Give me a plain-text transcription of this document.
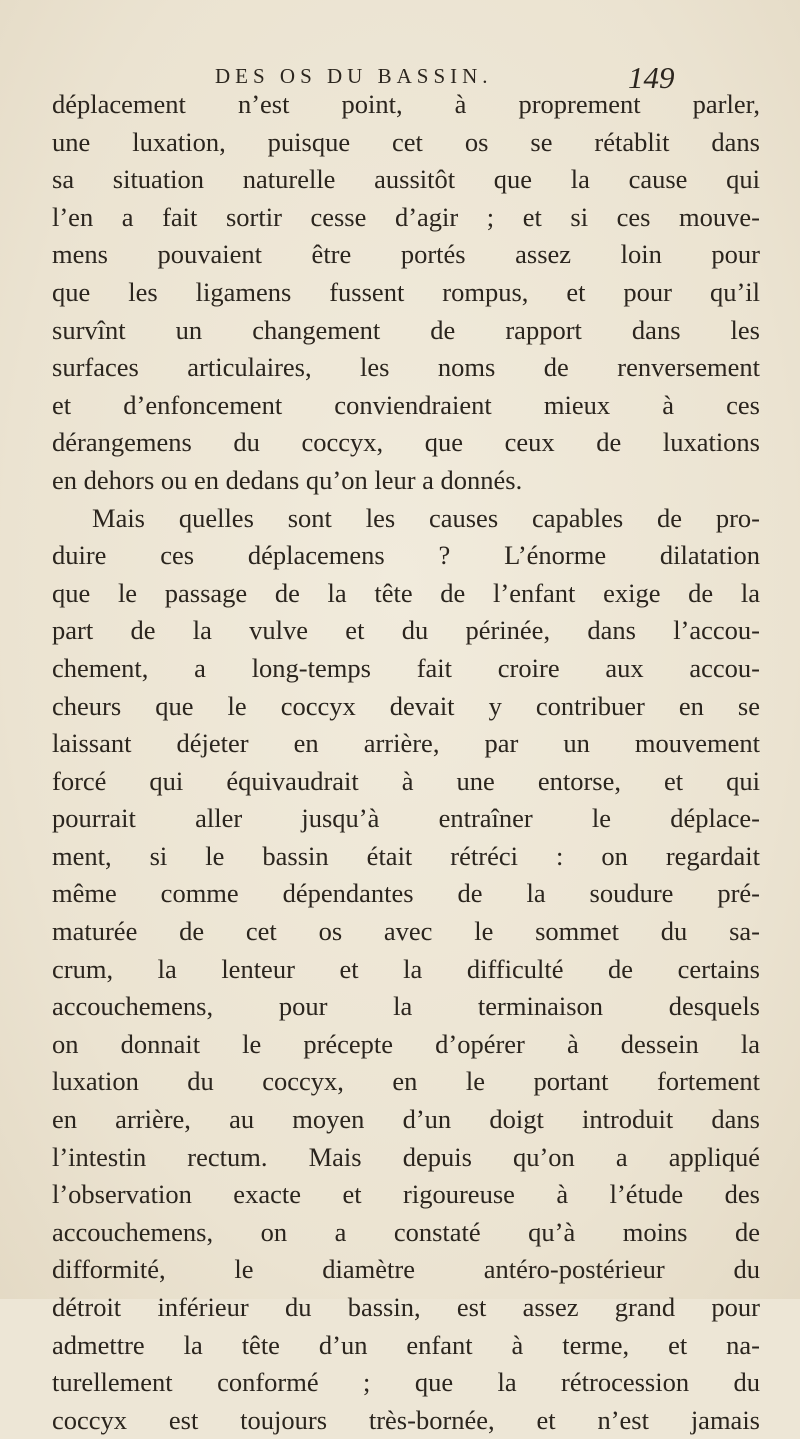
DES OS DU BASSIN.	149
déplacement n’est point, à proprement parler,
une luxation, puisque cet os se rétablit dans
sa situation naturelle aussitôt que la cause qui
l’en a fait sortir cesse d’agir ; et si ces mouve-
mens pouvaient être portés assez loin pour
que les ligamens fussent rompus, et pour qu’il
survînt un changement de rapport dans les
surfaces articulaires, les noms de renversement
et d’enfoncement conviendraient mieux à ces
dérangemens du coccyx, que ceux de luxations
en dehors ou en dedans qu’on leur a donnés.
Mais quelles sont les causes capables de pro-
duire ces déplacemens ? L’énorme dilatation
que le passage de la tête de l’enfant exige de la
part de la vulve et du périnée, dans l’accou-
chement, a long-temps fait croire aux accou-
cheurs que le coccyx devait y contribuer en se
laissant déjeter en arrière, par un mouvement
forcé qui équivaudrait à une entorse, et qui
pourrait aller jusqu’à entraîner le déplace-
ment, si le bassin était rétréci : on regardait
même comme dépendantes de la soudure pré-
maturée de cet os avec le sommet du sa-
crum, la lenteur et la difficulté de certains
accouchemens, pour la terminaison desquels
on donnait le précepte d’opérer à dessein la
luxation du coccyx, en le portant fortement
en arrière, au moyen d’un doigt introduit dans
l’intestin rectum. Mais depuis qu’on a appliqué
l’observation exacte et rigoureuse à l’étude des
accouchemens, on a constaté qu’à moins de
difformité, le diamètre antéro-postérieur du
détroit inférieur du bassin, est assez grand pour
admettre la tête d’un enfant à terme, et na-
turellement conformé ; que la rétrocession du
coccyx est toujours très-bornée, et n’est jamais
